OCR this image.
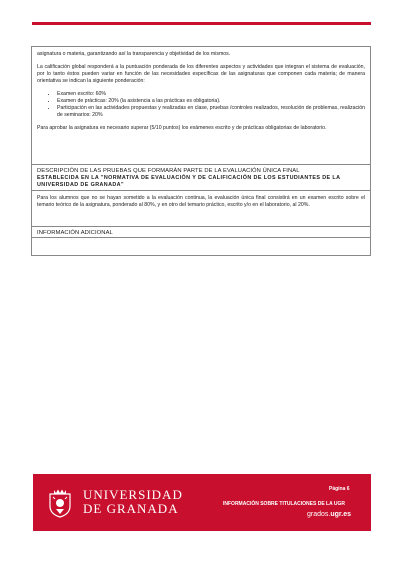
asignatura o materia, garantizando así la transparencia y objetividad de los mismos.

La calificación global responderá a la puntuación ponderada de los diferentes aspectos y actividades que integran el sistema de evaluación, por lo tanto éstos pueden variar en función de las necesidades específicas de las asignaturas que componen cada materia; de manera orientativa se indican la siguiente ponderación:

• Examen escrito: 60%
• Examen de prácticas: 20% (la asistencia a las prácticas es obligatoria).
• Participación en las actividades propuestas y realizadas en clase, pruebas /controles realizados, resolución de problemas, realización de seminarios: 20%

Para aprobar la asignatura es necesario superar (5/10 puntos) los exámenes escrito y de prácticas obligatorias de laboratorio.

DESCRIPCIÓN DE LAS PRUEBAS QUE FORMARÁN PARTE DE LA EVALUACIÓN ÚNICA FINAL
ESTABLECIDA EN LA "NORMATIVA DE EVALUACIÓN Y DE CALIFICACIÓN DE LOS ESTUDIANTES DE LA UNIVERSIDAD DE GRANADA"

Para los alumnos que no se hayan sometido a la evaluación continua, la evaluación única final consistirá en un examen escrito sobre el temario teórico de la asignatura, ponderado al 80%, y en otro del temario práctico, escrito y/o en el laboratorio, al 20%.

INFORMACIÓN ADICIONAL
UNIVERSIDAD
DE GRANADA
Página 6
INFORMACIÓN SOBRE TITULACIONES DE LA UGR
grados.ugr.es
